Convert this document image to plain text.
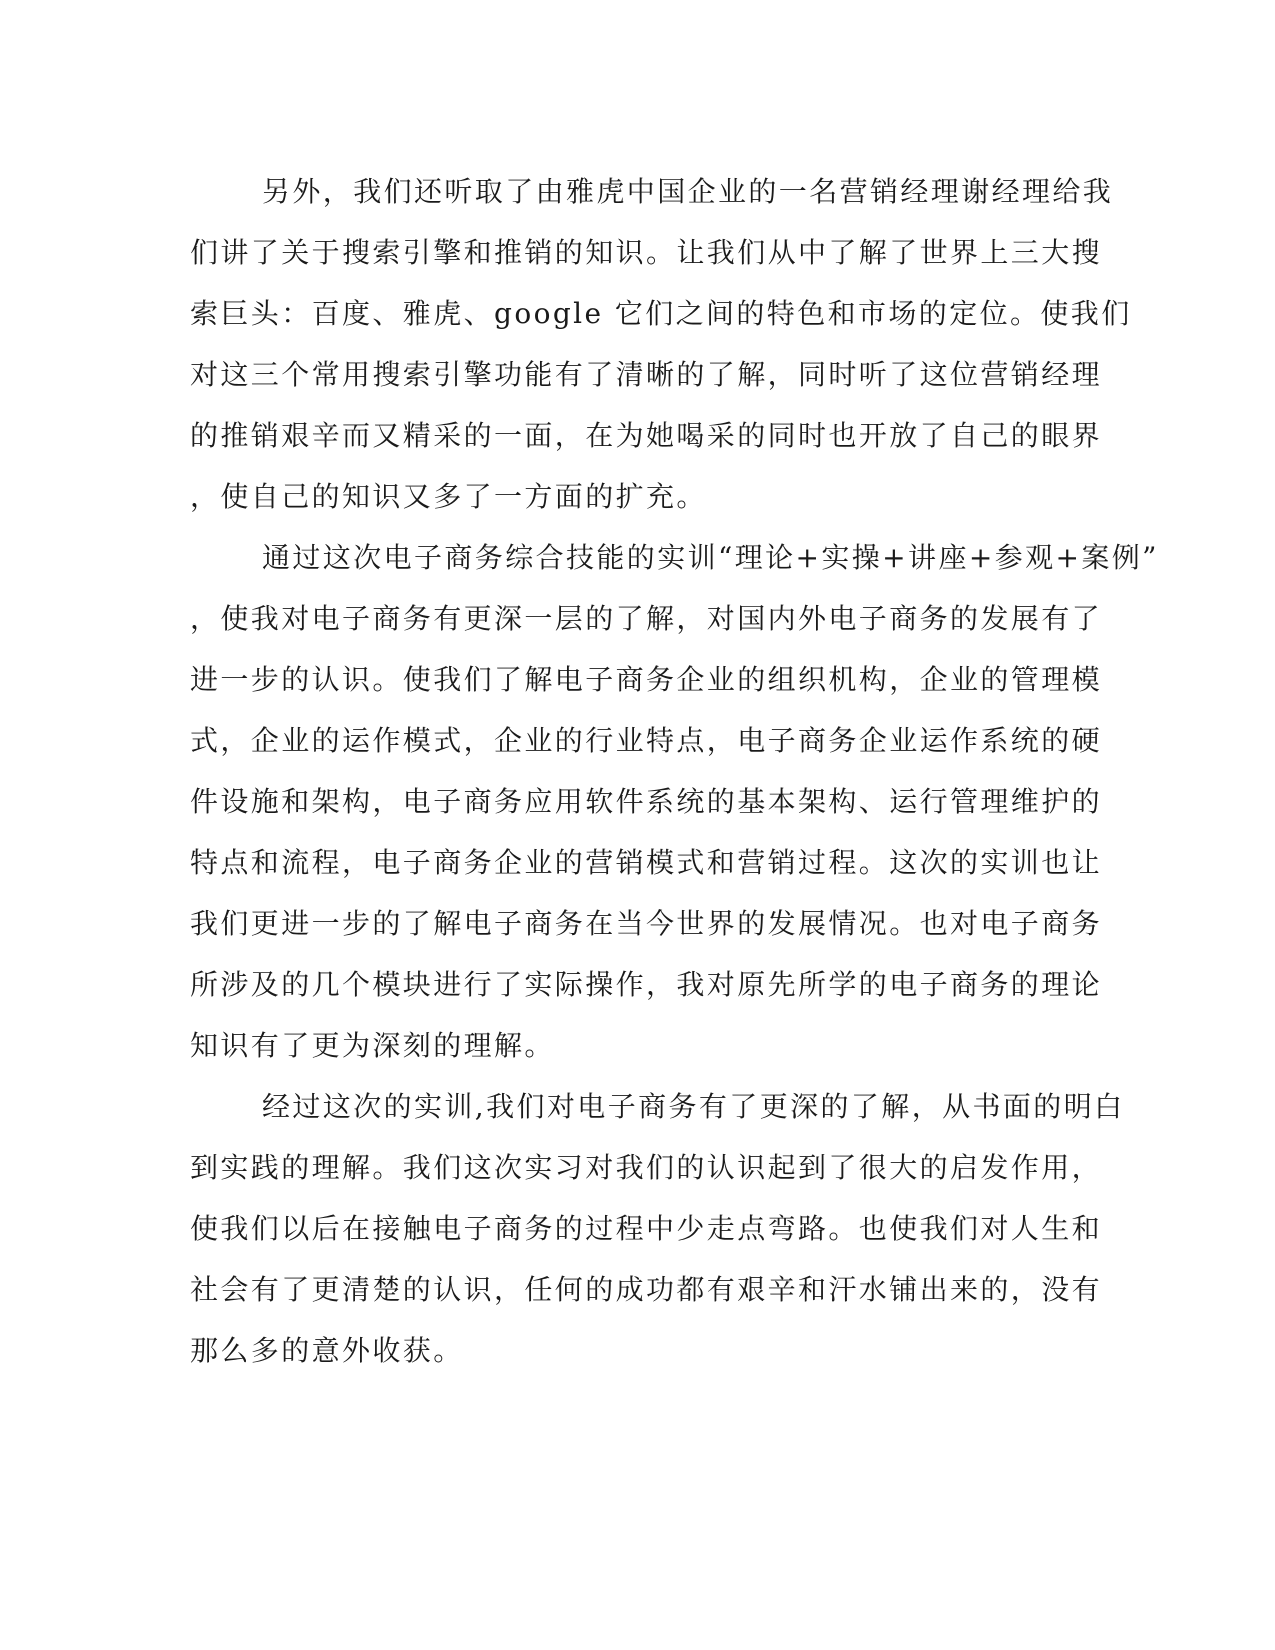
另外，我们还听取了由雅虎中国企业的一名营销经理谢经理给我
们讲了关于搜索引擎和推销的知识。让我们从中了解了世界上三大搜
索巨头：百度、雅虎、google 它们之间的特色和市场的定位。使我们
对这三个常用搜索引擎功能有了清晰的了解，同时听了这位营销经理
的推销艰辛而又精采的一面，在为她喝采的同时也开放了自己的眼界
，使自己的知识又多了一方面的扩充。
通过这次电子商务综合技能的实训“理论+实操+讲座+参观+案例”
，使我对电子商务有更深一层的了解，对国内外电子商务的发展有了
进一步的认识。使我们了解电子商务企业的组织机构，企业的管理模
式，企业的运作模式，企业的行业特点，电子商务企业运作系统的硬
件设施和架构，电子商务应用软件系统的基本架构、运行管理维护的
特点和流程，电子商务企业的营销模式和营销过程。这次的实训也让
我们更进一步的了解电子商务在当今世界的发展情况。也对电子商务
所涉及的几个模块进行了实际操作，我对原先所学的电子商务的理论
知识有了更为深刻的理解。
经过这次的实训,我们对电子商务有了更深的了解，从书面的明白
到实践的理解。我们这次实习对我们的认识起到了很大的启发作用，
使我们以后在接触电子商务的过程中少走点弯路。也使我们对人生和
社会有了更清楚的认识，任何的成功都有艰辛和汗水铺出来的，没有
那么多的意外收获。
